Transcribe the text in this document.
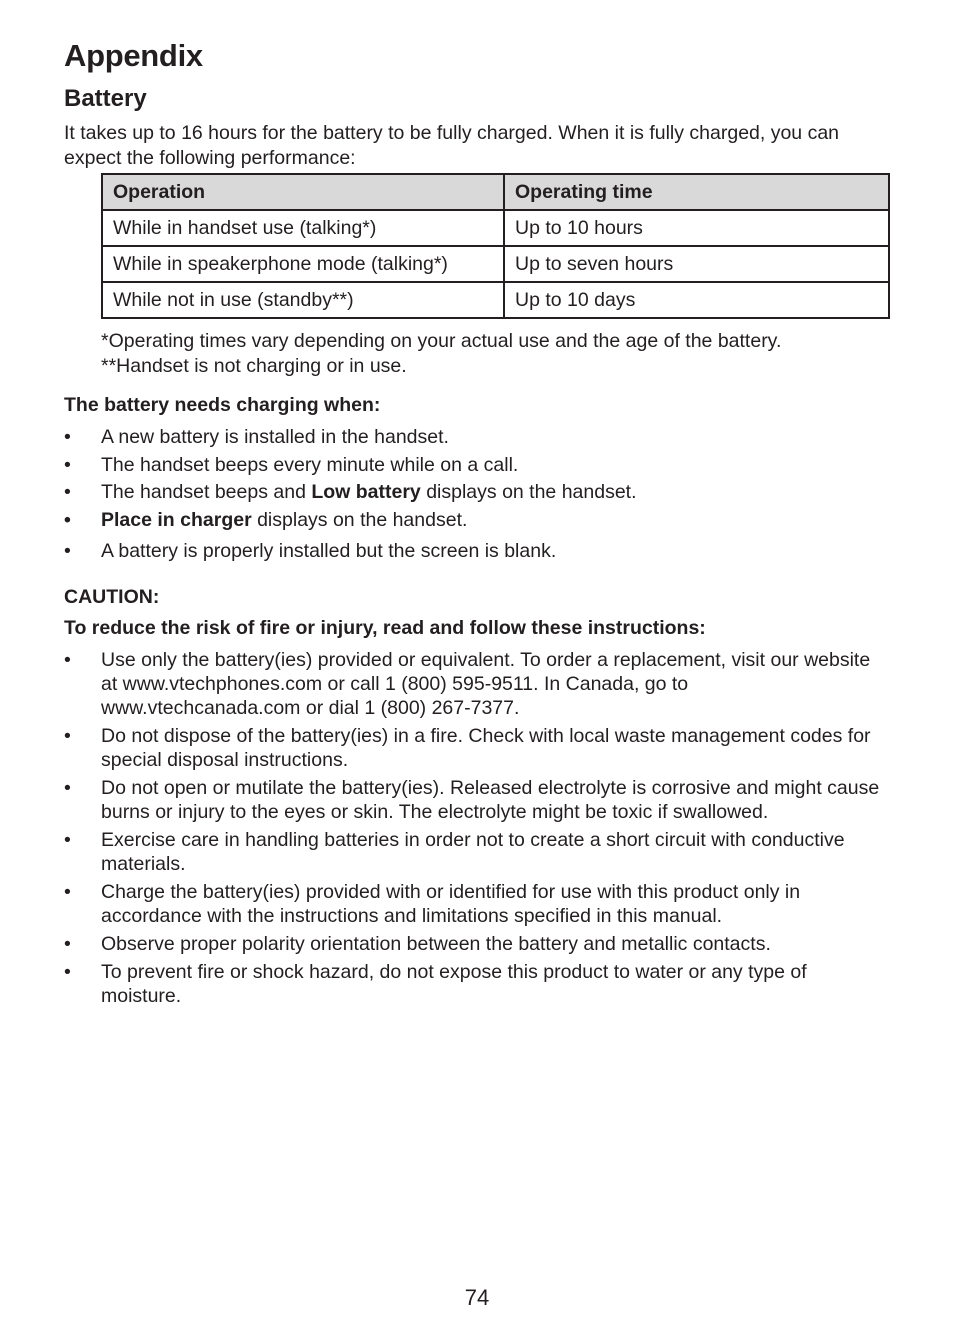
Appendix
Battery

It takes up to 16 hours for the battery to be fully charged. When it is fully charged, you can expect the following performance:

Operation	Operating time
While in handset use (talking*)	Up to 10 hours
While in speakerphone mode (talking*)	Up to seven hours
While not in use (standby**)	Up to 10 days

*Operating times vary depending on your actual use and the age of the battery.

**Handset is not charging or in use.

The battery needs charging when:

• A new battery is installed in the handset.
• The handset beeps every minute while on a call.
• The handset beeps and Low battery displays on the handset.
• Place in charger displays on the handset.
• A battery is properly installed but the screen is blank.

CAUTION:

To reduce the risk of fire or injury, read and follow these instructions:

• Use only the battery(ies) provided or equivalent. To order a replacement, visit our website at www.vtechphones.com or call 1 (800) 595-9511. In Canada, go to www.vtechcanada.com or dial 1 (800) 267-7377.
• Do not dispose of the battery(ies) in a fire. Check with local waste management codes for special disposal instructions.
• Do not open or mutilate the battery(ies). Released electrolyte is corrosive and might cause burns or injury to the eyes or skin. The electrolyte might be toxic if swallowed.
• Exercise care in handling batteries in order not to create a short circuit with conductive materials.
• Charge the battery(ies) provided with or identified for use with this product only in accordance with the instructions and limitations specified in this manual.
• Observe proper polarity orientation between the battery and metallic contacts.
• To prevent fire or shock hazard, do not expose this product to water or any type of moisture.
74
